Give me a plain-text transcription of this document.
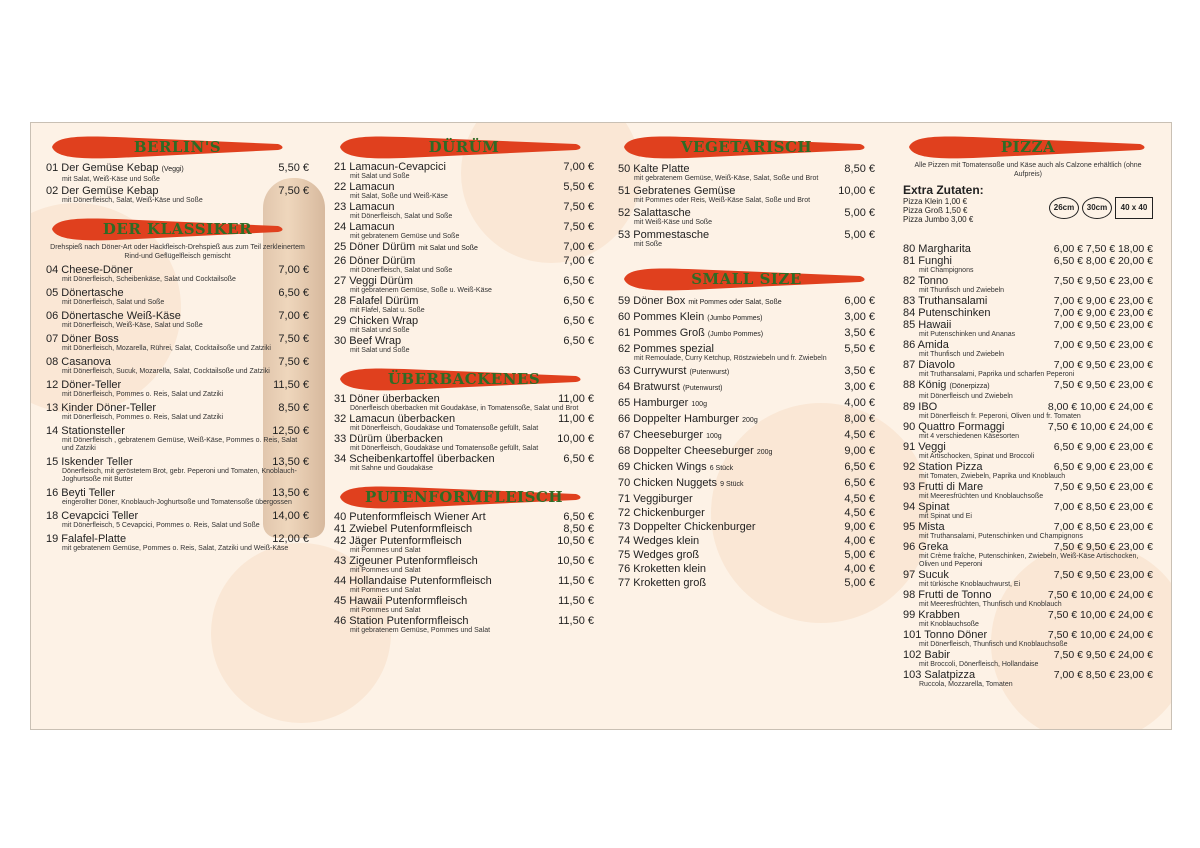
BERLIN'S
01 Der Gemüse Kebap (Veggi)	5,50 €
mit Salat, Weiß-Käse und Soße
02 Der Gemüse Kebap	7,50 €
mit Dönerfleisch, Salat, Weiß-Käse und Soße
DER KLASSIKER
Drehspieß nach Döner-Art oder Hackfleisch-Drehspieß aus zum Teil zerkleinertem Rind-und Geflügelfleisch gemischt
04 Cheese-Döner	7,00 €
mit Dönerfleisch, Scheibenkäse, Salat und Cocktailsoße
05 Dönertasche	6,50 €
mit Dönerfleisch, Salat und Soße
06 Dönertasche Weiß-Käse	7,00 €
mit Dönerfleisch, Weiß-Käse, Salat und Soße
07 Döner Boss	7,50 €
mit Dönerfleisch, Mozarella, Rührei, Salat, Cocktailsoße und Zatziki
08 Casanova	7,50 €
mit Dönerfleisch, Sucuk, Mozarella, Salat, Cocktailsoße und Zatziki
12 Döner-Teller	11,50 €
mit Dönerfleisch, Pommes o. Reis, Salat und Zatziki
13 Kinder Döner-Teller	8,50 €
mit Dönerfleisch, Pommes o. Reis, Salat und Zatziki
14 Stationsteller	12,50 €
mit Dönerfleisch , gebratenem Gemüse, Weiß-Käse, Pommes o. Reis, Salat und Zatziki
15 Iskender Teller	13,50 €
Dönerfleisch, mit geröstetem Brot, gebr. Peperoni und Tomaten, Knoblauch-Joghurtsoße mit Butter
16 Beyti Teller	13,50 €
eingerollter Döner, Knoblauch-Joghurtsoße und Tomatensoße übergossen
18 Cevapcici Teller	14,00 €
mit Dönerfleisch, 5 Cevapcici, Pommes o. Reis, Salat und Soße
19 Falafel-Platte	12,00 €
mit gebratenem Gemüse, Pommes o. Reis, Salat, Zatziki und Weiß-Käse
DÜRÜM
21 Lamacun-Cevapcici	7,00 €
mit Salat und Soße
22 Lamacun	5,50 €
mit Salat, Soße und Weiß-Käse
23 Lamacun	7,50 €
mit Dönerfleisch, Salat und Soße
24 Lamacun	7,50 €
mit gebratenem Gemüse und Soße
25 Döner Dürüm mit Salat und Soße	7,00 €
26 Döner Dürüm	7,00 €
mit Dönerfleisch, Salat und Soße
27 Veggi Dürüm	6,50 €
mit gebratenem Gemüse, Soße u. Weiß-Käse
28 Falafel Dürüm	6,50 €
mit Flafel, Salat u. Soße
29 Chicken Wrap	6,50 €
mit Salat und Soße
30 Beef Wrap	6,50 €
mit Salat und Soße
ÜBERBACKENES
31 Döner überbacken	11,00 €
Dönerfleisch überbacken mit Goudakäse, in Tomatensoße, Salat und Brot
32 Lamacun überbacken	11,00 €
mit Dönerfleisch, Goudakäse und Tomatensoße gefüllt, Salat
33 Dürüm überbacken	10,00 €
mit Dönerfleisch, Goudakäse und Tomatensoße gefüllt, Salat
34 Scheibenkartoffel überbacken	6,50 €
mit Sahne und Goudakäse
PUTENFORMFLEISCH
40 Putenformfleisch Wiener Art	6,50 €
41 Zwiebel Putenformfleisch	8,50 €
42 Jäger Putenformfleisch	10,50 €
mit Pommes und Salat
43 Zigeuner Putenformfleisch	10,50 €
mit Pommes und Salat
44 Hollandaise Putenformfleisch	11,50 €
mit Pommes und Salat
45 Hawaii Putenformfleisch	11,50 €
mit Pommes und Salat
46 Station Putenformfleisch	11,50 €
mit gebratenem Gemüse, Pommes und Salat
VEGETARISCH
50 Kalte Platte	8,50 €
mit gebratenem Gemüse, Weiß-Käse, Salat, Soße und Brot
51 Gebratenes Gemüse	10,00 €
mit Pommes oder Reis, Weiß-Käse Salat, Soße und Brot
52 Salattasche	5,00 €
mit Weiß-Käse und Soße
53 Pommestasche	5,00 €
mit Soße
SMALL SIZE
59 Döner Box mit Pommes oder Salat, Soße	6,00 €
60 Pommes Klein (Jumbo Pommes)	3,00 €
61 Pommes Groß (Jumbo Pommes)	3,50 €
62 Pommes spezial	5,50 €
mit Remoulade, Curry Ketchup, Röstzwiebeln und fr. Zwiebeln
63 Currywurst (Putenwurst)	3,50 €
64 Bratwurst (Putenwurst)	3,00 €
65 Hamburger 100g	4,00 €
66 Doppelter Hamburger 200g	8,00 €
67 Cheeseburger 100g	4,50 €
68 Doppelter Cheeseburger 200g	9,00 €
69 Chicken Wings 6 Stück	6,50 €
70 Chicken Nuggets 9 Stück	6,50 €
71 Veggiburger	4,50 €
72 Chickenburger	4,50 €
73 Doppelter Chickenburger	9,00 €
74 Wedges klein	4,00 €
75 Wedges groß	5,00 €
76 Kroketten klein	4,00 €
77 Kroketten groß	5,00 €
PIZZA
Alle Pizzen mit Tomatensoße und Käse auch als Calzone erhältlich (ohne Aufpreis)
Extra Zutaten:
Pizza Klein 1,00 €
Pizza Groß 1,50 €
Pizza Jumbo 3,00 €
26cm 30cm 40 x 40
80 Margharita	6,00 € 7,50 € 18,00 €
81 Funghi	6,50 € 8,00 € 20,00 €
mit Champignons
82 Tonno	7,50 € 9,50 € 23,00 €
mit Thunfisch und Zwiebeln
83 Truthansalami	7,00 € 9,00 € 23,00 €
84 Putenschinken	7,00 € 9,00 € 23,00 €
85 Hawaii	7,00 € 9,50 € 23,00 €
mit Putenschinken und Ananas
86 Amida	7,00 € 9,50 € 23,00 €
mit Thunfisch und Zwiebeln
87 Diavolo	7,00 € 9,50 € 23,00 €
mit Truthansalami, Paprika und scharfen Peperoni
88 König (Dönerpizza)	7,50 € 9,50 € 23,00 €
mit Dönerfleisch und Zwiebeln
89 IBO	8,00 € 10,00 € 24,00 €
mit Dönerfleisch fr. Peperoni, Oliven und fr. Tomaten
90 Quattro Formaggi	7,50 € 10,00 € 24,00 €
mit 4 verschiedenen Käsesorten
91 Veggi	6,50 € 9,00 € 23,00 €
mit Artischocken, Spinat und Broccoli
92 Station Pizza	6,50 € 9,00 € 23,00 €
mit Tomaten, Zwiebeln, Paprika und Knoblauch
93 Frutti di Mare	7,50 € 9,50 € 23,00 €
mit Meeresfrüchten und Knoblauchsoße
94 Spinat	7,00 € 8,50 € 23,00 €
mit Spinat und Ei
95 Mista	7,00 € 8,50 € 23,00 €
mit Truthansalami, Putenschinken und Champignons
96 Greka	7,50 € 9,50 € 23,00 €
mit Crème fraîche, Putenschinken, Zwiebeln, Weiß-Käse Artischocken, Oliven und Peperoni
97 Sucuk	7,50 € 9,50 € 23,00 €
mit türkische Knoblauchwurst, Ei
98 Frutti de Tonno	7,50 € 10,00 € 24,00 €
mit Meeresfrüchten, Thunfisch und Knoblauch
99 Krabben	7,50 € 10,00 € 24,00 €
mit Knoblauchsoße
101 Tonno Döner	7,50 € 10,00 € 24,00 €
mit Dönerfleisch, Thunfisch und Knoblauchsoße
102 Babir	7,50 € 9,50 € 24,00 €
mit Broccoli, Dönerfleisch, Hollandaise
103 Salatpizza	7,00 € 8,50 € 23,00 €
Ruccola, Mozzarella, Tomaten
